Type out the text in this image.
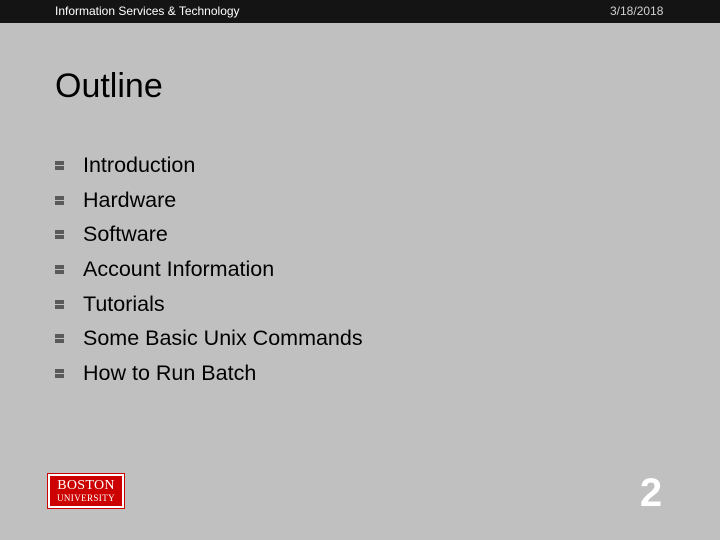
Information Services & Technology	3/18/2018
Outline
Introduction
Hardware
Software
Account Information
Tutorials
Some Basic Unix Commands
How to Run Batch
BOSTON
UNIVERSITY	2
